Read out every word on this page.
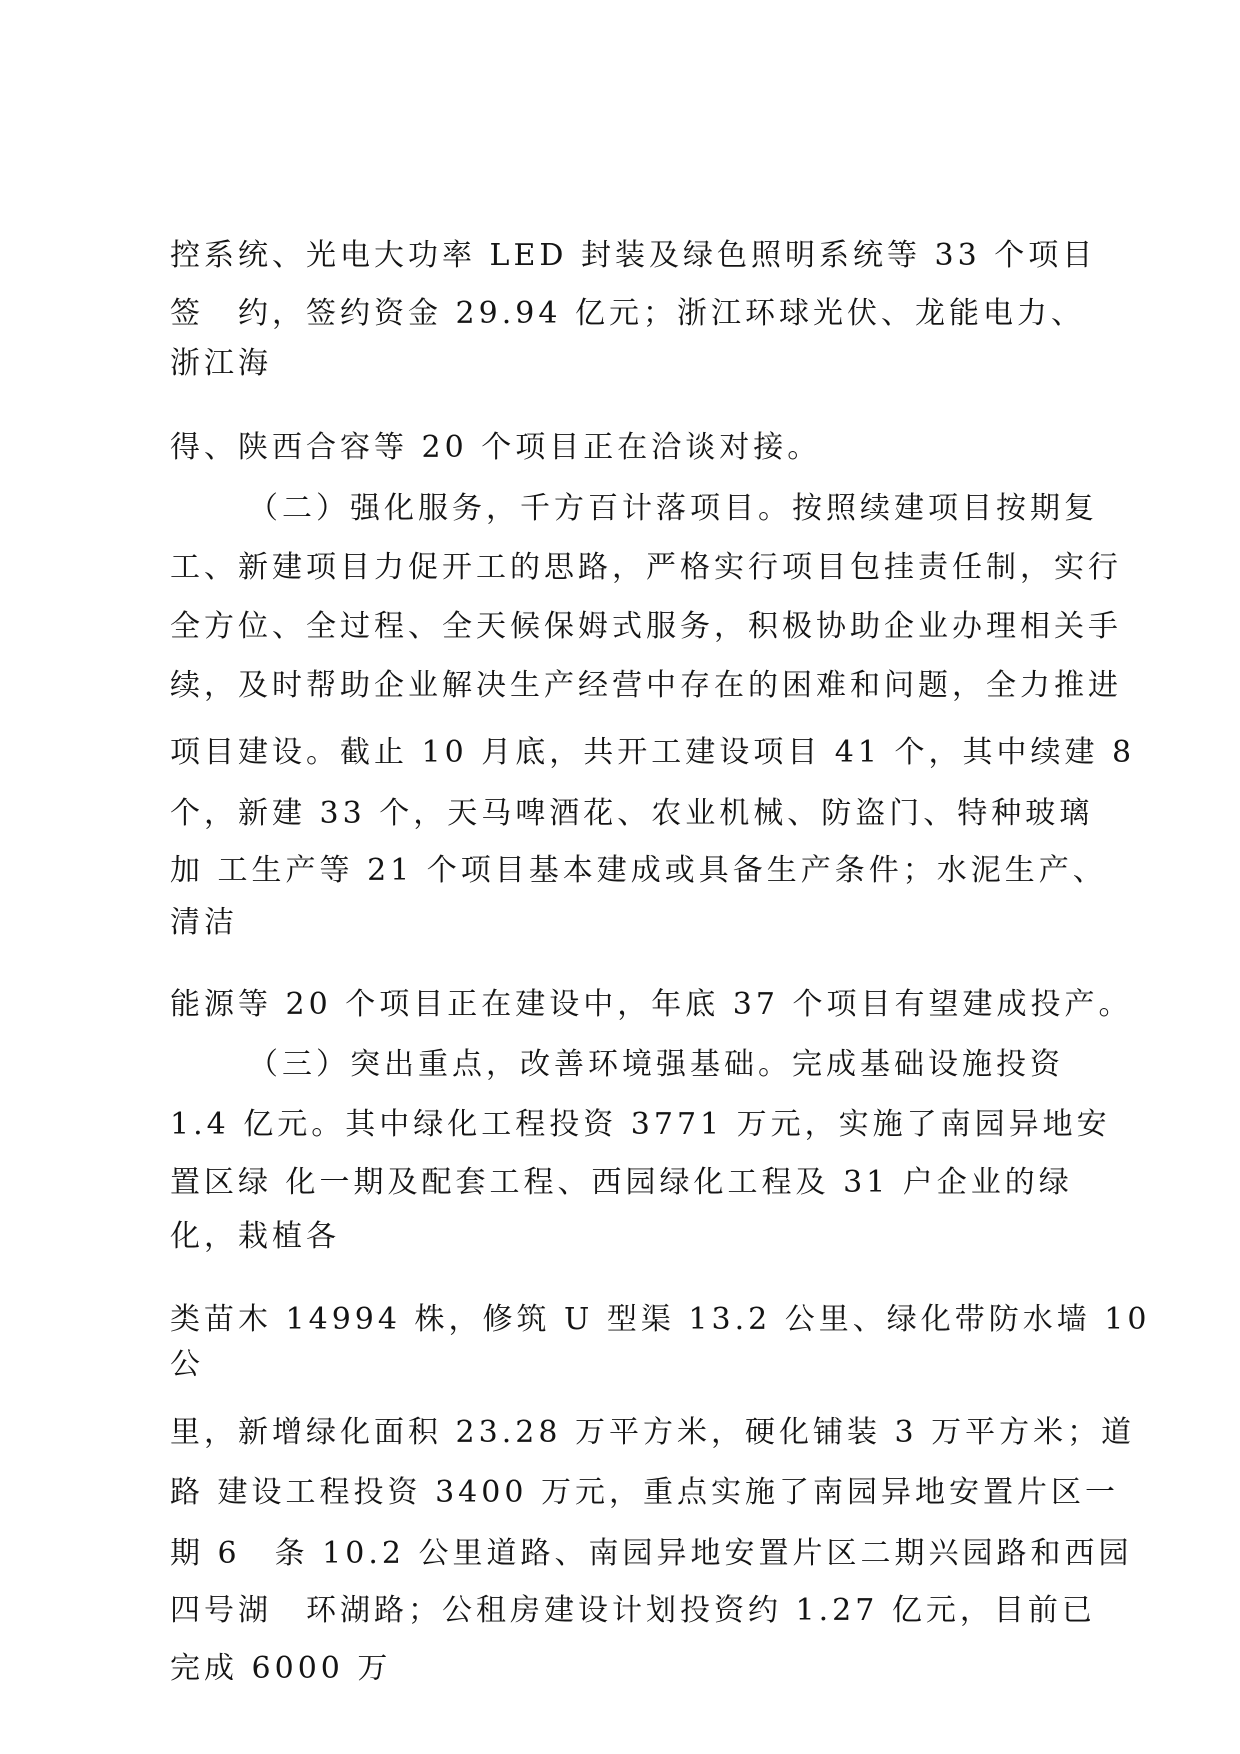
控系统、光电大功率 LED 封装及绿色照明系统等 33 个项目
签　约，签约资金 29.94 亿元；浙江环球光伏、龙能电力、
浙江海
得、陕西合容等 20 个项目正在洽谈对接。
（二）强化服务，千方百计落项目。按照续建项目按期复
工、新建项目力促开工的思路，严格实行项目包挂责任制，实行
全方位、全过程、全天候保姆式服务，积极协助企业办理相关手
续，及时帮助企业解决生产经营中存在的困难和问题，全力推进
项目建设。截止 10 月底，共开工建设项目 41 个，其中续建 8
个，新建 33 个，天马啤酒花、农业机械、防盗门、特种玻璃
加 工生产等 21 个项目基本建成或具备生产条件；水泥生产、
清洁
能源等 20 个项目正在建设中，年底 37 个项目有望建成投产。
（三）突出重点，改善环境强基础。完成基础设施投资
1.4 亿元。其中绿化工程投资 3771 万元，实施了南园异地安
置区绿 化一期及配套工程、西园绿化工程及 31 户企业的绿
化，栽植各
类苗木 14994 株，修筑 U 型渠 13.2 公里、绿化带防水墙 10
公
里，新增绿化面积 23.28 万平方米，硬化铺装 3 万平方米；道
路 建设工程投资 3400 万元，重点实施了南园异地安置片区一
期 6　条 10.2 公里道路、南园异地安置片区二期兴园路和西园
四号湖　环湖路；公租房建设计划投资约 1.27 亿元，目前已
完成 6000 万
